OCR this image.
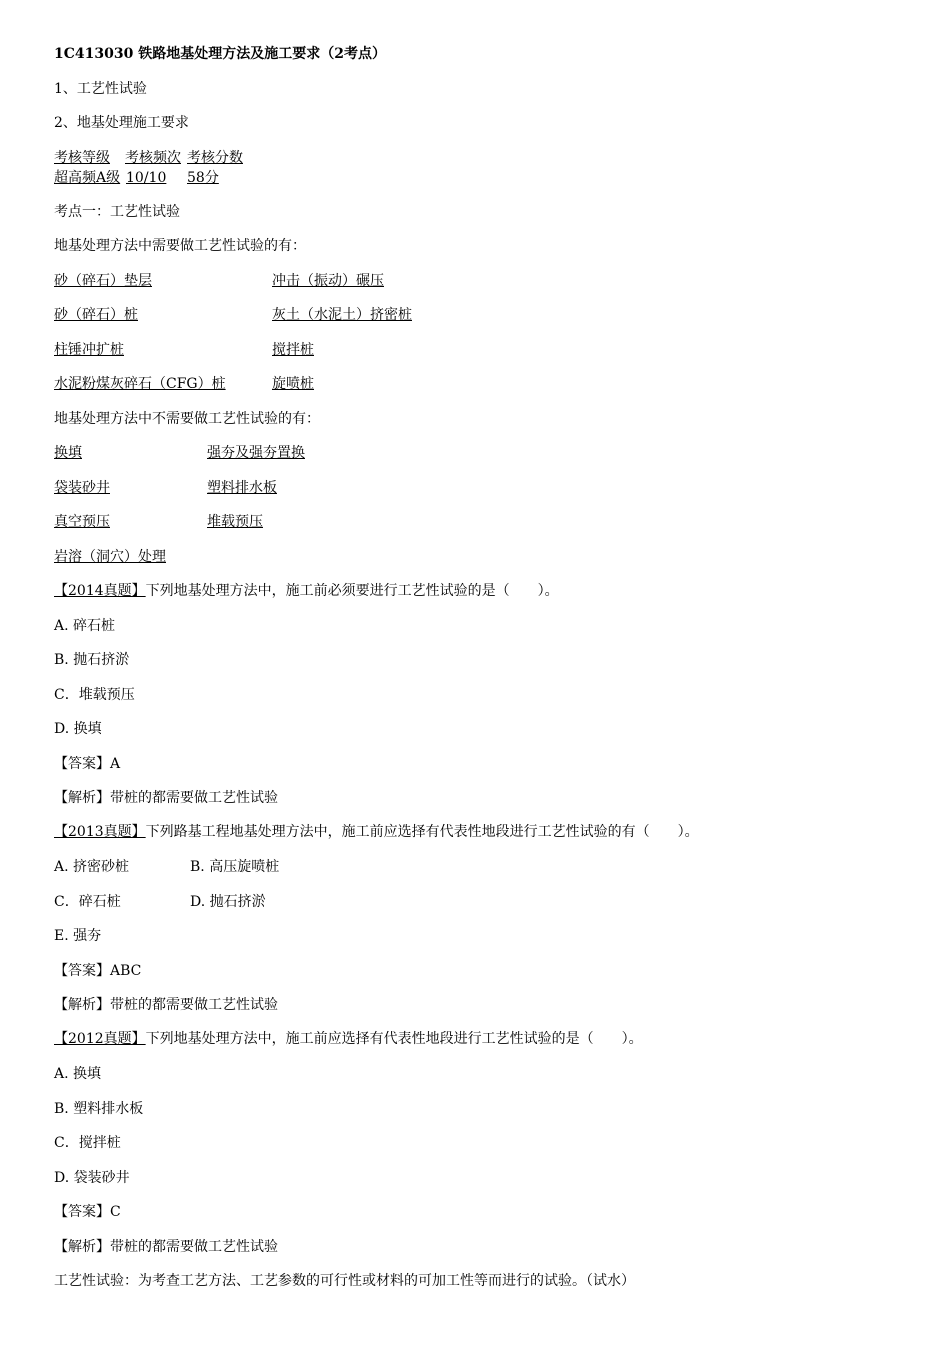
1C413030 铁路地基处理方法及施工要求（2考点）
1、工艺性试验
2、地基处理施工要求
考核等级 考核频次 考核分数
超高频A级 10/10 58分
考点一：工艺性试验
地基处理方法中需要做工艺性试验的有：
砂（碎石）垫层	冲击（振动）碾压
砂（碎石）桩	灰土（水泥土）挤密桩
柱锤冲扩桩	搅拌桩
水泥粉煤灰碎石（CFG）桩	旋喷桩
地基处理方法中不需要做工艺性试验的有：
换填	强夯及强夯置换
袋装砂井	塑料排水板
真空预压	堆载预压
岩溶（洞穴）处理
【2014真题】下列地基处理方法中，施工前必须要进行工艺性试验的是（　　）。
A. 碎石桩
B. 抛石挤淤
C．堆载预压
D. 换填
【答案】A
【解析】带桩的都需要做工艺性试验
【2013真题】下列路基工程地基处理方法中，施工前应选择有代表性地段进行工艺性试验的有（　　）。
A. 挤密砂桩	B. 高压旋喷桩
C．碎石桩	D. 抛石挤淤
E. 强夯
【答案】ABC
【解析】带桩的都需要做工艺性试验
【2012真题】下列地基处理方法中，施工前应选择有代表性地段进行工艺性试验的是（　　）。
A. 换填
B. 塑料排水板
C．搅拌桩
D. 袋装砂井
【答案】C
【解析】带桩的都需要做工艺性试验
工艺性试验：为考查工艺方法、工艺参数的可行性或材料的可加工性等而进行的试验。（试水）
